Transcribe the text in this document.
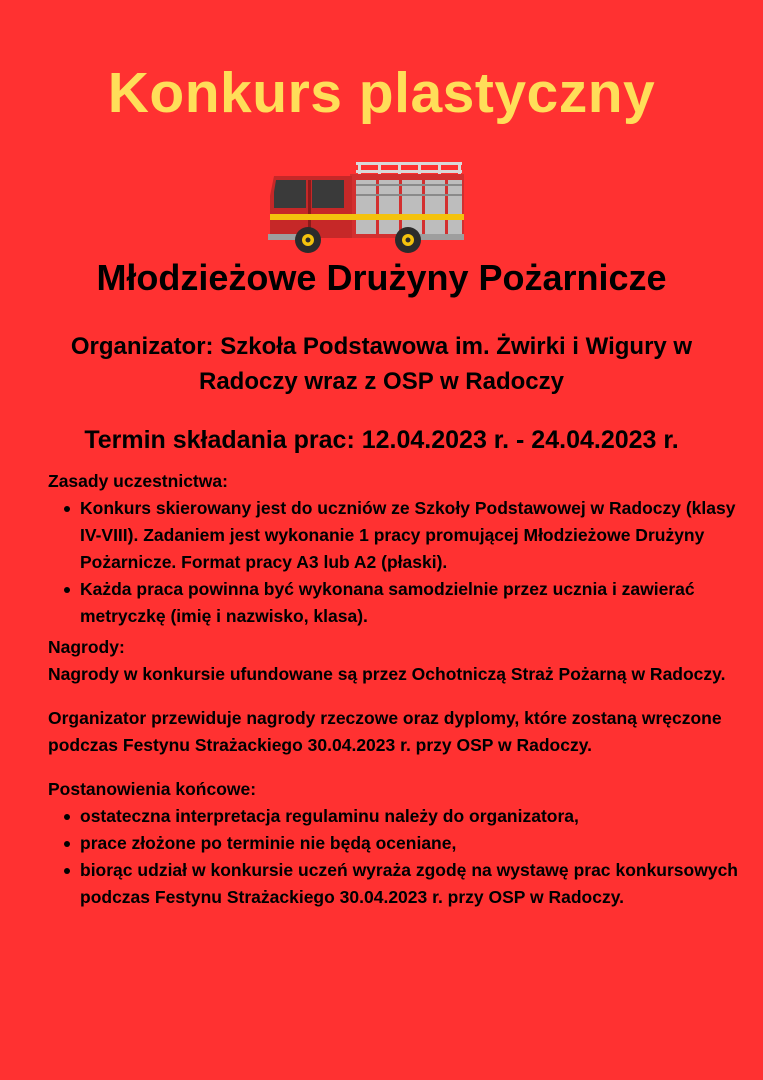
Konkurs plastyczny
Młodzieżowe Drużyny Pożarnicze
Organizator: Szkoła Podstawowa im. Żwirki i Wigury w Radoczy wraz z OSP w Radoczy
Termin składania prac: 12.04.2023 r. - 24.04.2023 r.

Zasady uczestnictwa:

Konkurs skierowany jest do uczniów ze Szkoły Podstawowej w Radoczy (klasy IV-VIII). Zadaniem jest wykonanie 1 pracy promującej Młodzieżowe Drużyny Pożarnicze. Format pracy A3 lub A2 (płaski).
Każda praca powinna być wykonana samodzielnie przez ucznia i zawierać metryczkę (imię i nazwisko, klasa).

Nagrody:

Nagrody w konkursie ufundowane są przez Ochotniczą Straż Pożarną w Radoczy.

Organizator przewiduje nagrody rzeczowe oraz dyplomy, które zostaną wręczone podczas Festynu Strażackiego 30.04.2023 r. przy OSP w Radoczy.

Postanowienia końcowe:

ostateczna interpretacja regulaminu należy do organizatora,
prace złożone po terminie nie będą oceniane,
biorąc udział w konkursie uczeń wyraża zgodę na wystawę prac konkursowych podczas Festynu Strażackiego 30.04.2023 r. przy OSP w Radoczy.
